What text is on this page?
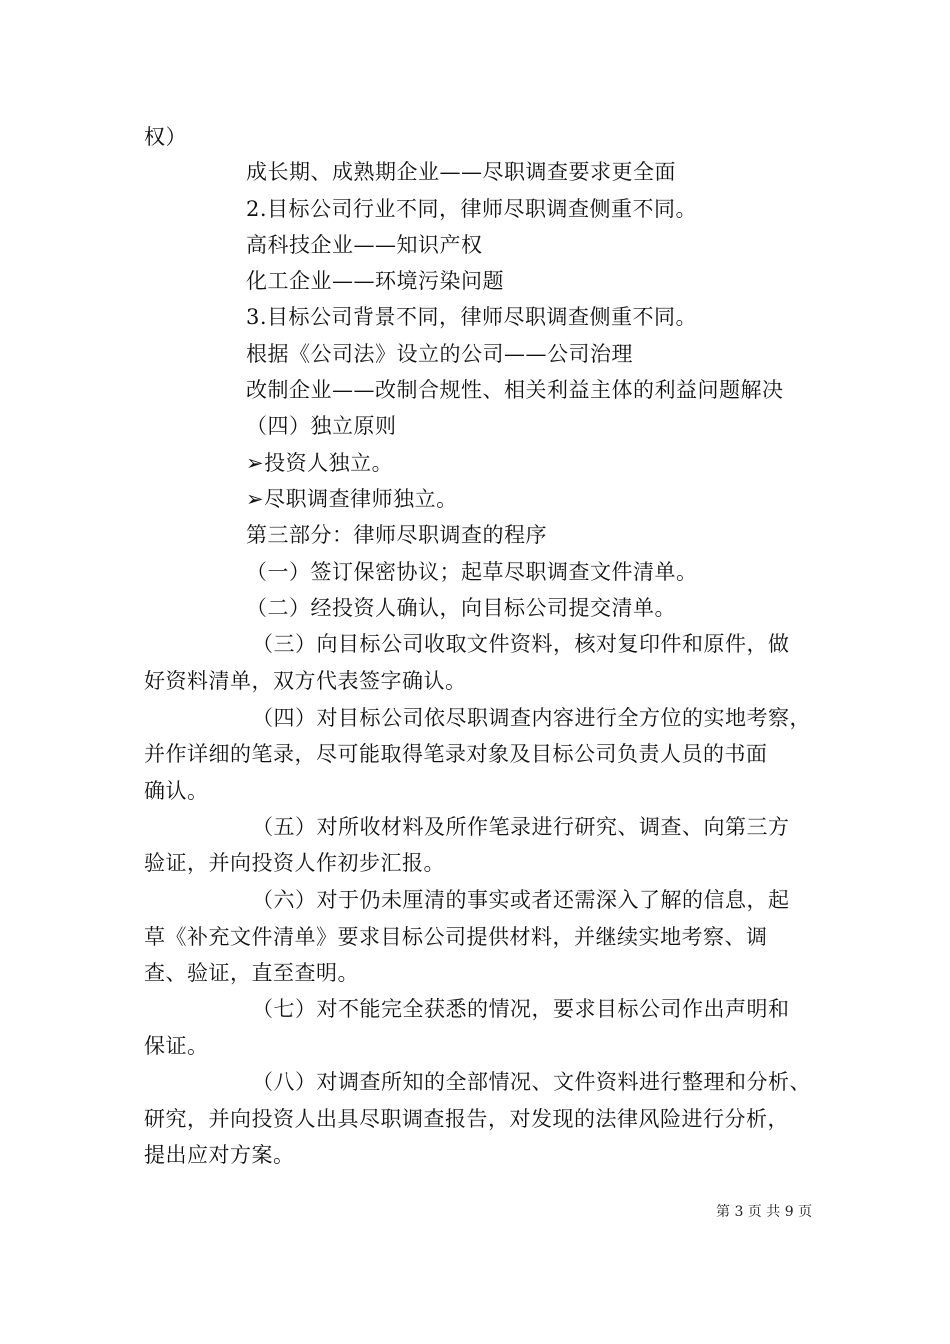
权）
成长期、成熟期企业——尽职调查要求更全面
2.目标公司行业不同，律师尽职调查侧重不同。
高科技企业——知识产权
化工企业——环境污染问题
3.目标公司背景不同，律师尽职调查侧重不同。
根据《公司法》设立的公司——公司治理
改制企业——改制合规性、相关利益主体的利益问题解决
（四）独立原则
➢投资人独立。
➢尽职调查律师独立。
第三部分：律师尽职调查的程序
（一）签订保密协议；起草尽职调查文件清单。
（二）经投资人确认，向目标公司提交清单。
（三）向目标公司收取文件资料，核对复印件和原件，做
好资料清单，双方代表签字确认。
（四）对目标公司依尽职调查内容进行全方位的实地考察，
并作详细的笔录，尽可能取得笔录对象及目标公司负责人员的书面
确认。
（五）对所收材料及所作笔录进行研究、调查、向第三方
验证，并向投资人作初步汇报。
（六）对于仍未厘清的事实或者还需深入了解的信息，起
草《补充文件清单》要求目标公司提供材料，并继续实地考察、调
查、验证，直至查明。
（七）对不能完全获悉的情况，要求目标公司作出声明和
保证。
（八）对调查所知的全部情况、文件资料进行整理和分析、
研究，并向投资人出具尽职调查报告，对发现的法律风险进行分析，
提出应对方案。
第 3 页 共 9 页
